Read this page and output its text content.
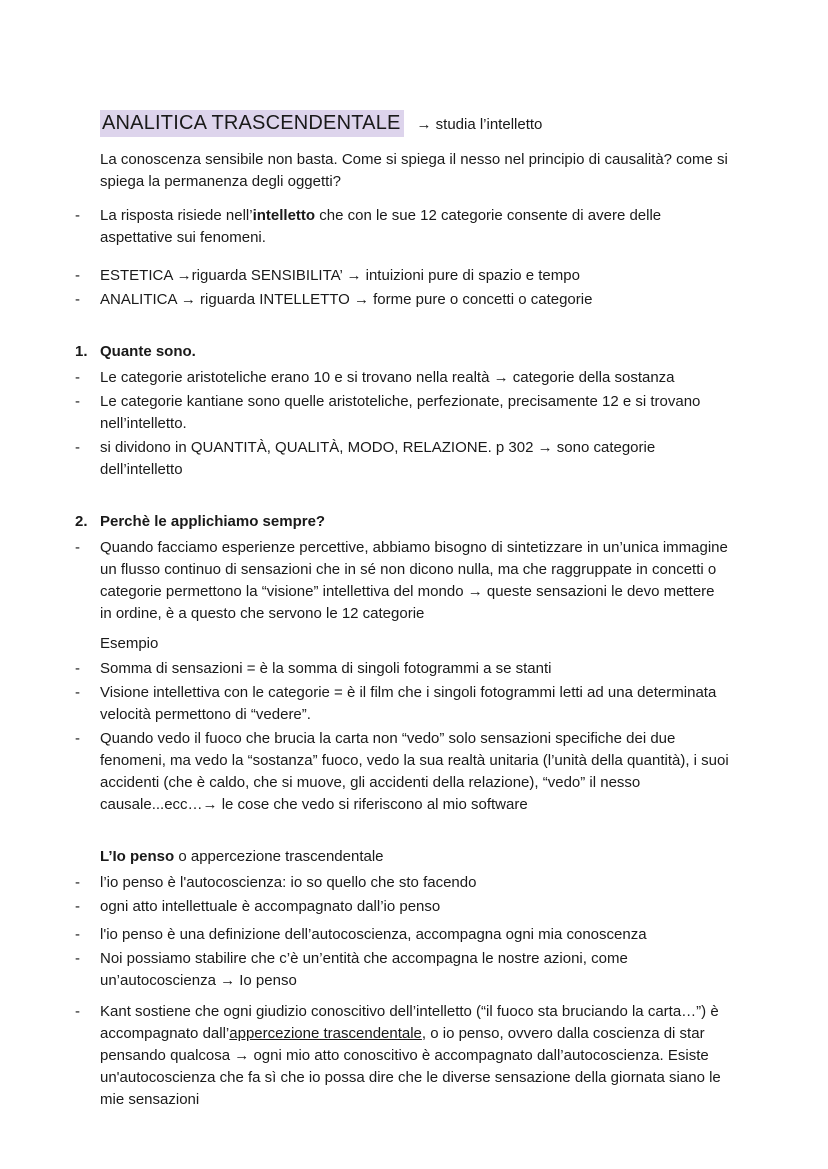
ANALITICA TRASCENDENTALE → studia l’intelletto

La conoscenza sensibile non basta. Come si spiega il nesso nel principio di causalità? come si spiega la permanenza degli oggetti?

-	La risposta risiede nell’intelletto che con le sue 12 categorie consente di avere delle aspettative sui fenomeni.
-	ESTETICA →riguarda SENSIBILITA’ → intuizioni pure di spazio e tempo
-	ANALITICA → riguarda INTELLETTO → forme pure o concetti o categorie
1. Quante sono.
-	Le categorie aristoteliche erano 10 e si trovano nella realtà → categorie della sostanza
-	Le categorie kantiane sono quelle aristoteliche, perfezionate, precisamente 12 e si trovano nell’intelletto.
-	si dividono in QUANTITÀ, QUALITÀ, MODO, RELAZIONE. p 302 → sono categorie dell’intelletto
2. Perchè le applichiamo sempre?
-	Quando facciamo esperienze percettive, abbiamo bisogno di sintetizzare in un’unica immagine un flusso continuo di sensazioni che in sé non dicono nulla, ma che raggruppate in concetti o categorie permettono la “visione” intellettiva del mondo → queste sensazioni le devo mettere in ordine, è a questo che servono le 12 categorie
Esempio
-	Somma di sensazioni = è la somma di singoli fotogrammi a se stanti
-	Visione intellettiva con le categorie = è il film che i singoli fotogrammi letti ad una determinata velocità permettono di “vedere”.
-	Quando vedo il fuoco che brucia la carta non “vedo” solo sensazioni specifiche dei due fenomeni, ma vedo la “sostanza” fuoco, vedo la sua realtà unitaria (l’unità della quantità), i suoi accidenti (che è caldo, che si muove, gli accidenti della relazione), “vedo” il nesso causale...ecc…→ le cose che vedo si riferiscono al mio software
L’Io penso o appercezione trascendentale
-	l’io penso è l'autocoscienza: io so quello che sto facendo
-	ogni atto intellettuale è accompagnato dall’io penso
-	l'io penso è una definizione dell’autocoscienza, accompagna ogni mia conoscenza
-	Noi possiamo stabilire che c’è un’entità che accompagna le nostre azioni, come un’autocoscienza → Io penso
-	Kant sostiene che ogni giudizio conoscitivo dell’intelletto (“il fuoco sta bruciando la carta…”) è accompagnato dall’appercezione trascendentale, o io penso, ovvero dalla coscienza di star pensando qualcosa → ogni mio atto conoscitivo è accompagnato dall’autocoscienza. Esiste un'autocoscienza che fa sì che io possa dire che le diverse sensazione della giornata siano le mie sensazioni
